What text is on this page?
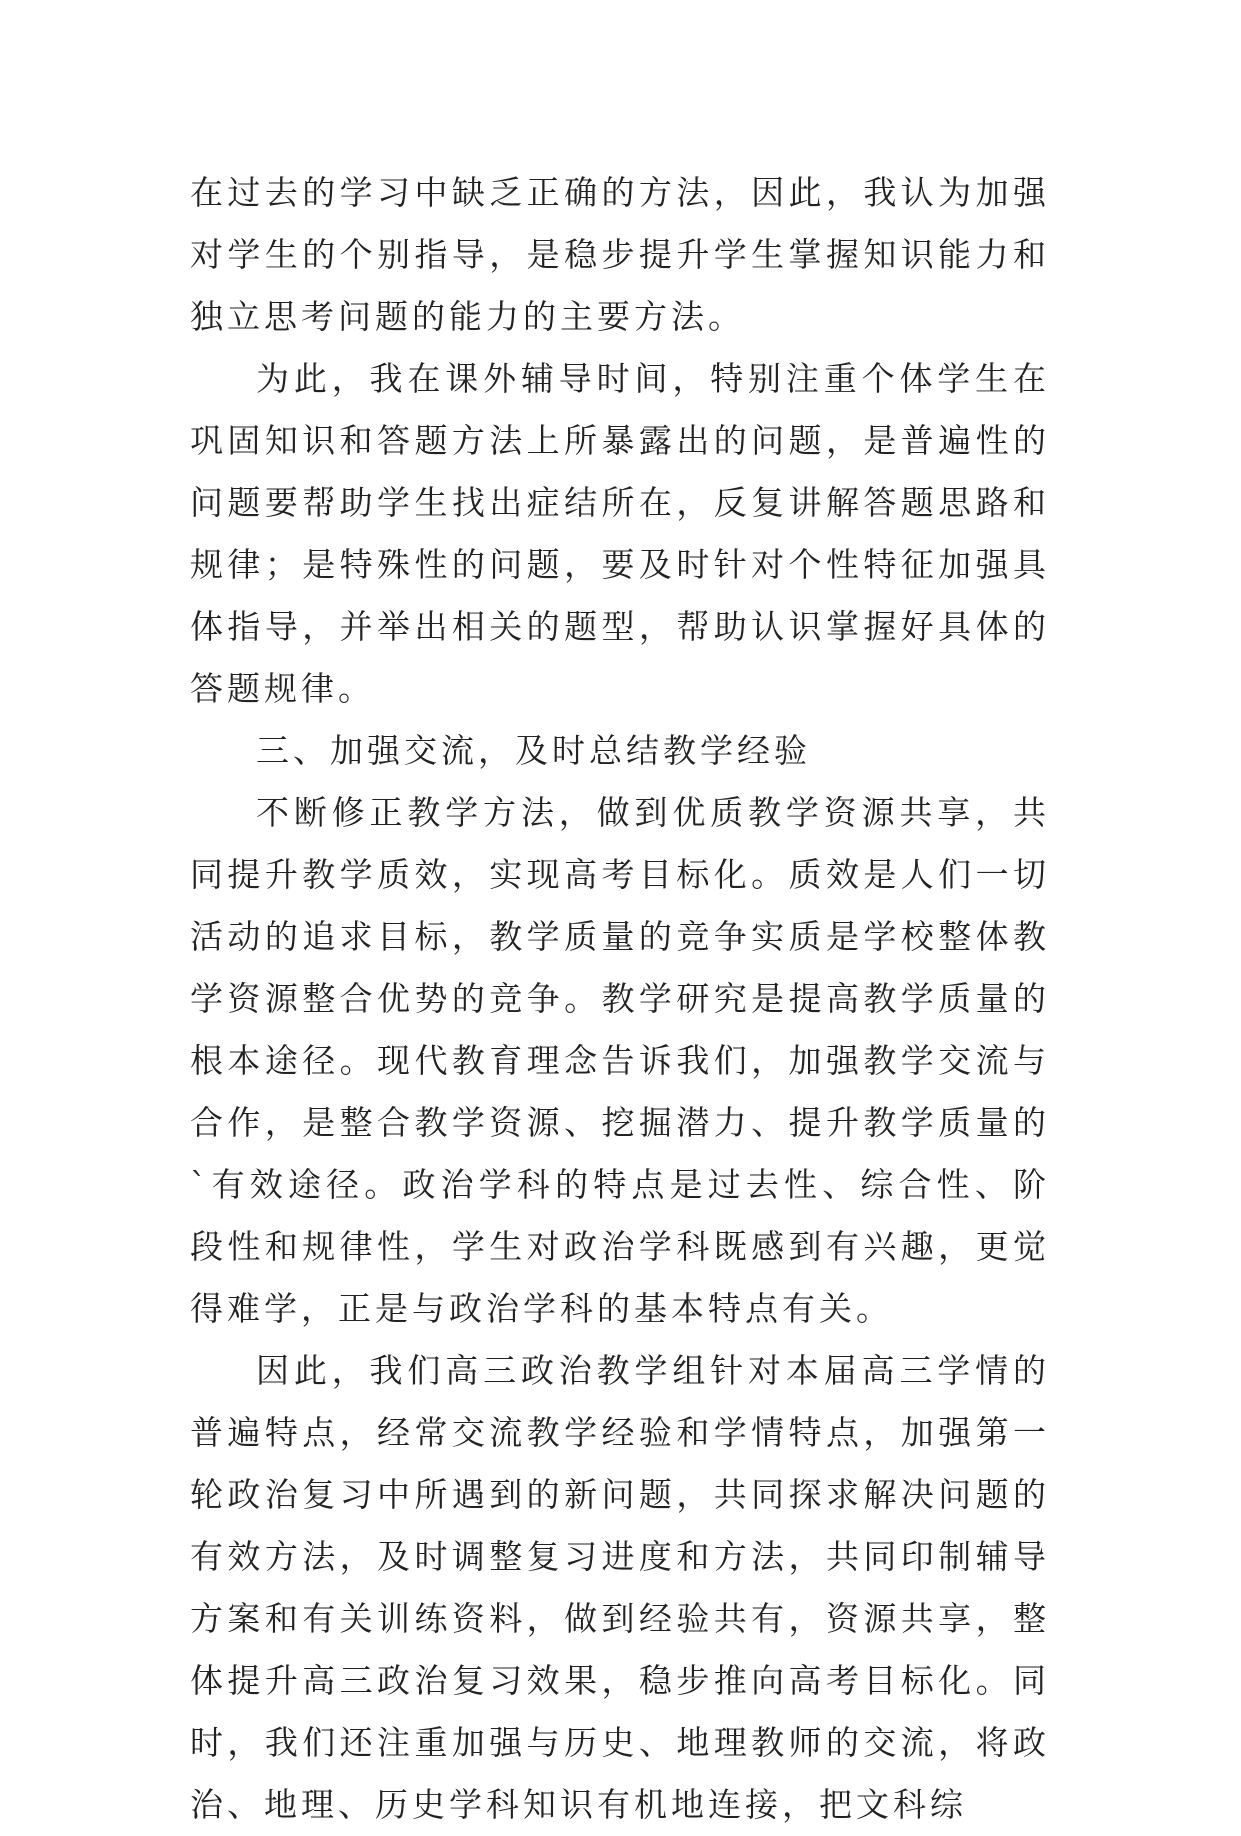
在过去的学习中缺乏正确的方法，因此，我认为加强对学生的个别指导，是稳步提升学生掌握知识能力和独立思考问题的能力的主要方法。

为此，我在课外辅导时间，特别注重个体学生在巩固知识和答题方法上所暴露出的问题，是普遍性的问题要帮助学生找出症结所在，反复讲解答题思路和规律；是特殊性的问题，要及时针对个性特征加强具体指导，并举出相关的题型，帮助认识掌握好具体的答题规律。

三、加强交流，及时总结教学经验

不断修正教学方法，做到优质教学资源共享，共同提升教学质效，实现高考目标化。质效是人们一切活动的追求目标，教学质量的竞争实质是学校整体教学资源整合优势的竞争。教学研究是提高教学质量的根本途径。现代教育理念告诉我们，加强教学交流与合作，是整合教学资源、挖掘潜力、提升教学质量的`有效途径。政治学科的特点是过去性、综合性、阶段性和规律性，学生对政治学科既感到有兴趣，更觉得难学，正是与政治学科的基本特点有关。

因此，我们高三政治教学组针对本届高三学情的普遍特点，经常交流教学经验和学情特点，加强第一轮政治复习中所遇到的新问题，共同探求解决问题的有效方法，及时调整复习进度和方法，共同印制辅导方案和有关训练资料，做到经验共有，资源共享，整体提升高三政治复习效果，稳步推向高考目标化。同时，我们还注重加强与历史、地理教师的交流，将政治、地理、历史学科知识有机地连接，把文科综
